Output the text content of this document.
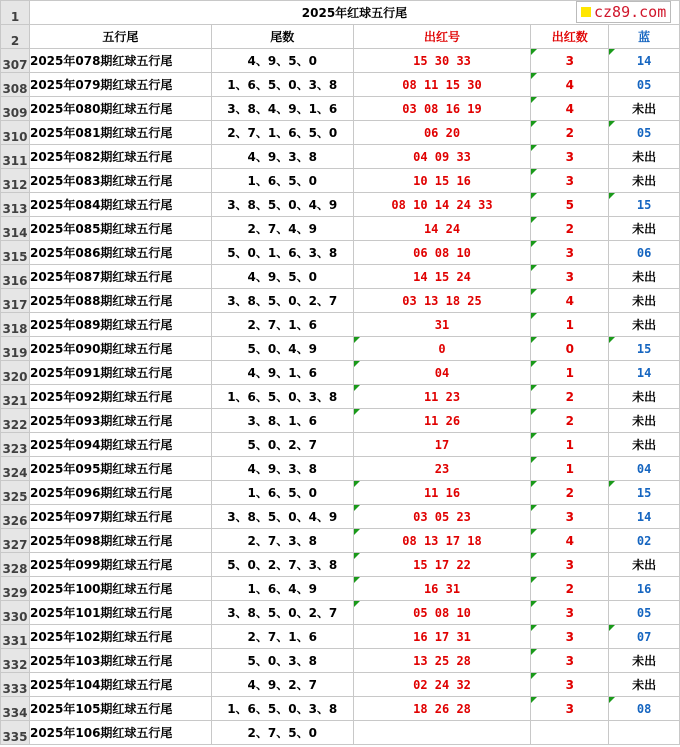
1	2025年红球五行尾				
2	五行尾	尾数	出红号	出红数	蓝
307	2025年078期红球五行尾	4、9、5、0	15 30 33	3	14
308	2025年079期红球五行尾	1、6、5、0、3、8	08 11 15 30	4	05
309	2025年080期红球五行尾	3、8、4、9、1、6	03 08 16 19	4	未出
310	2025年081期红球五行尾	2、7、1、6、5、0	06 20	2	05
311	2025年082期红球五行尾	4、9、3、8	04 09 33	3	未出
312	2025年083期红球五行尾	1、6、5、0	10 15 16	3	未出
313	2025年084期红球五行尾	3、8、5、0、4、9	08 10 14 24 33	5	15
314	2025年085期红球五行尾	2、7、4、9	14 24	2	未出
315	2025年086期红球五行尾	5、0、1、6、3、8	06 08 10	3	06
316	2025年087期红球五行尾	4、9、5、0	14 15 24	3	未出
317	2025年088期红球五行尾	3、8、5、0、2、7	03 13 18 25	4	未出
318	2025年089期红球五行尾	2、7、1、6	31	1	未出
319	2025年090期红球五行尾	5、0、4、9	0	0	15
320	2025年091期红球五行尾	4、9、1、6	04	1	14
321	2025年092期红球五行尾	1、6、5、0、3、8	11 23	2	未出
322	2025年093期红球五行尾	3、8、1、6	11 26	2	未出
323	2025年094期红球五行尾	5、0、2、7	17	1	未出
324	2025年095期红球五行尾	4、9、3、8	23	1	04
325	2025年096期红球五行尾	1、6、5、0	11 16	2	15
326	2025年097期红球五行尾	3、8、5、0、4、9	03 05 23	3	14
327	2025年098期红球五行尾	2、7、3、8	08 13 17 18	4	02
328	2025年099期红球五行尾	5、0、2、7、3、8	15 17 22	3	未出
329	2025年100期红球五行尾	1、6、4、9	16 31	2	16
330	2025年101期红球五行尾	3、8、5、0、2、7	05 08 10	3	05
331	2025年102期红球五行尾	2、7、1、6	16 17 31	3	07
332	2025年103期红球五行尾	5、0、3、8	13 25 28	3	未出
333	2025年104期红球五行尾	4、9、2、7	02 24 32	3	未出
334	2025年105期红球五行尾	1、6、5、0、3、8	18 26 28	3	08
335	2025年106期红球五行尾	2、7、5、0			
cz89.com
